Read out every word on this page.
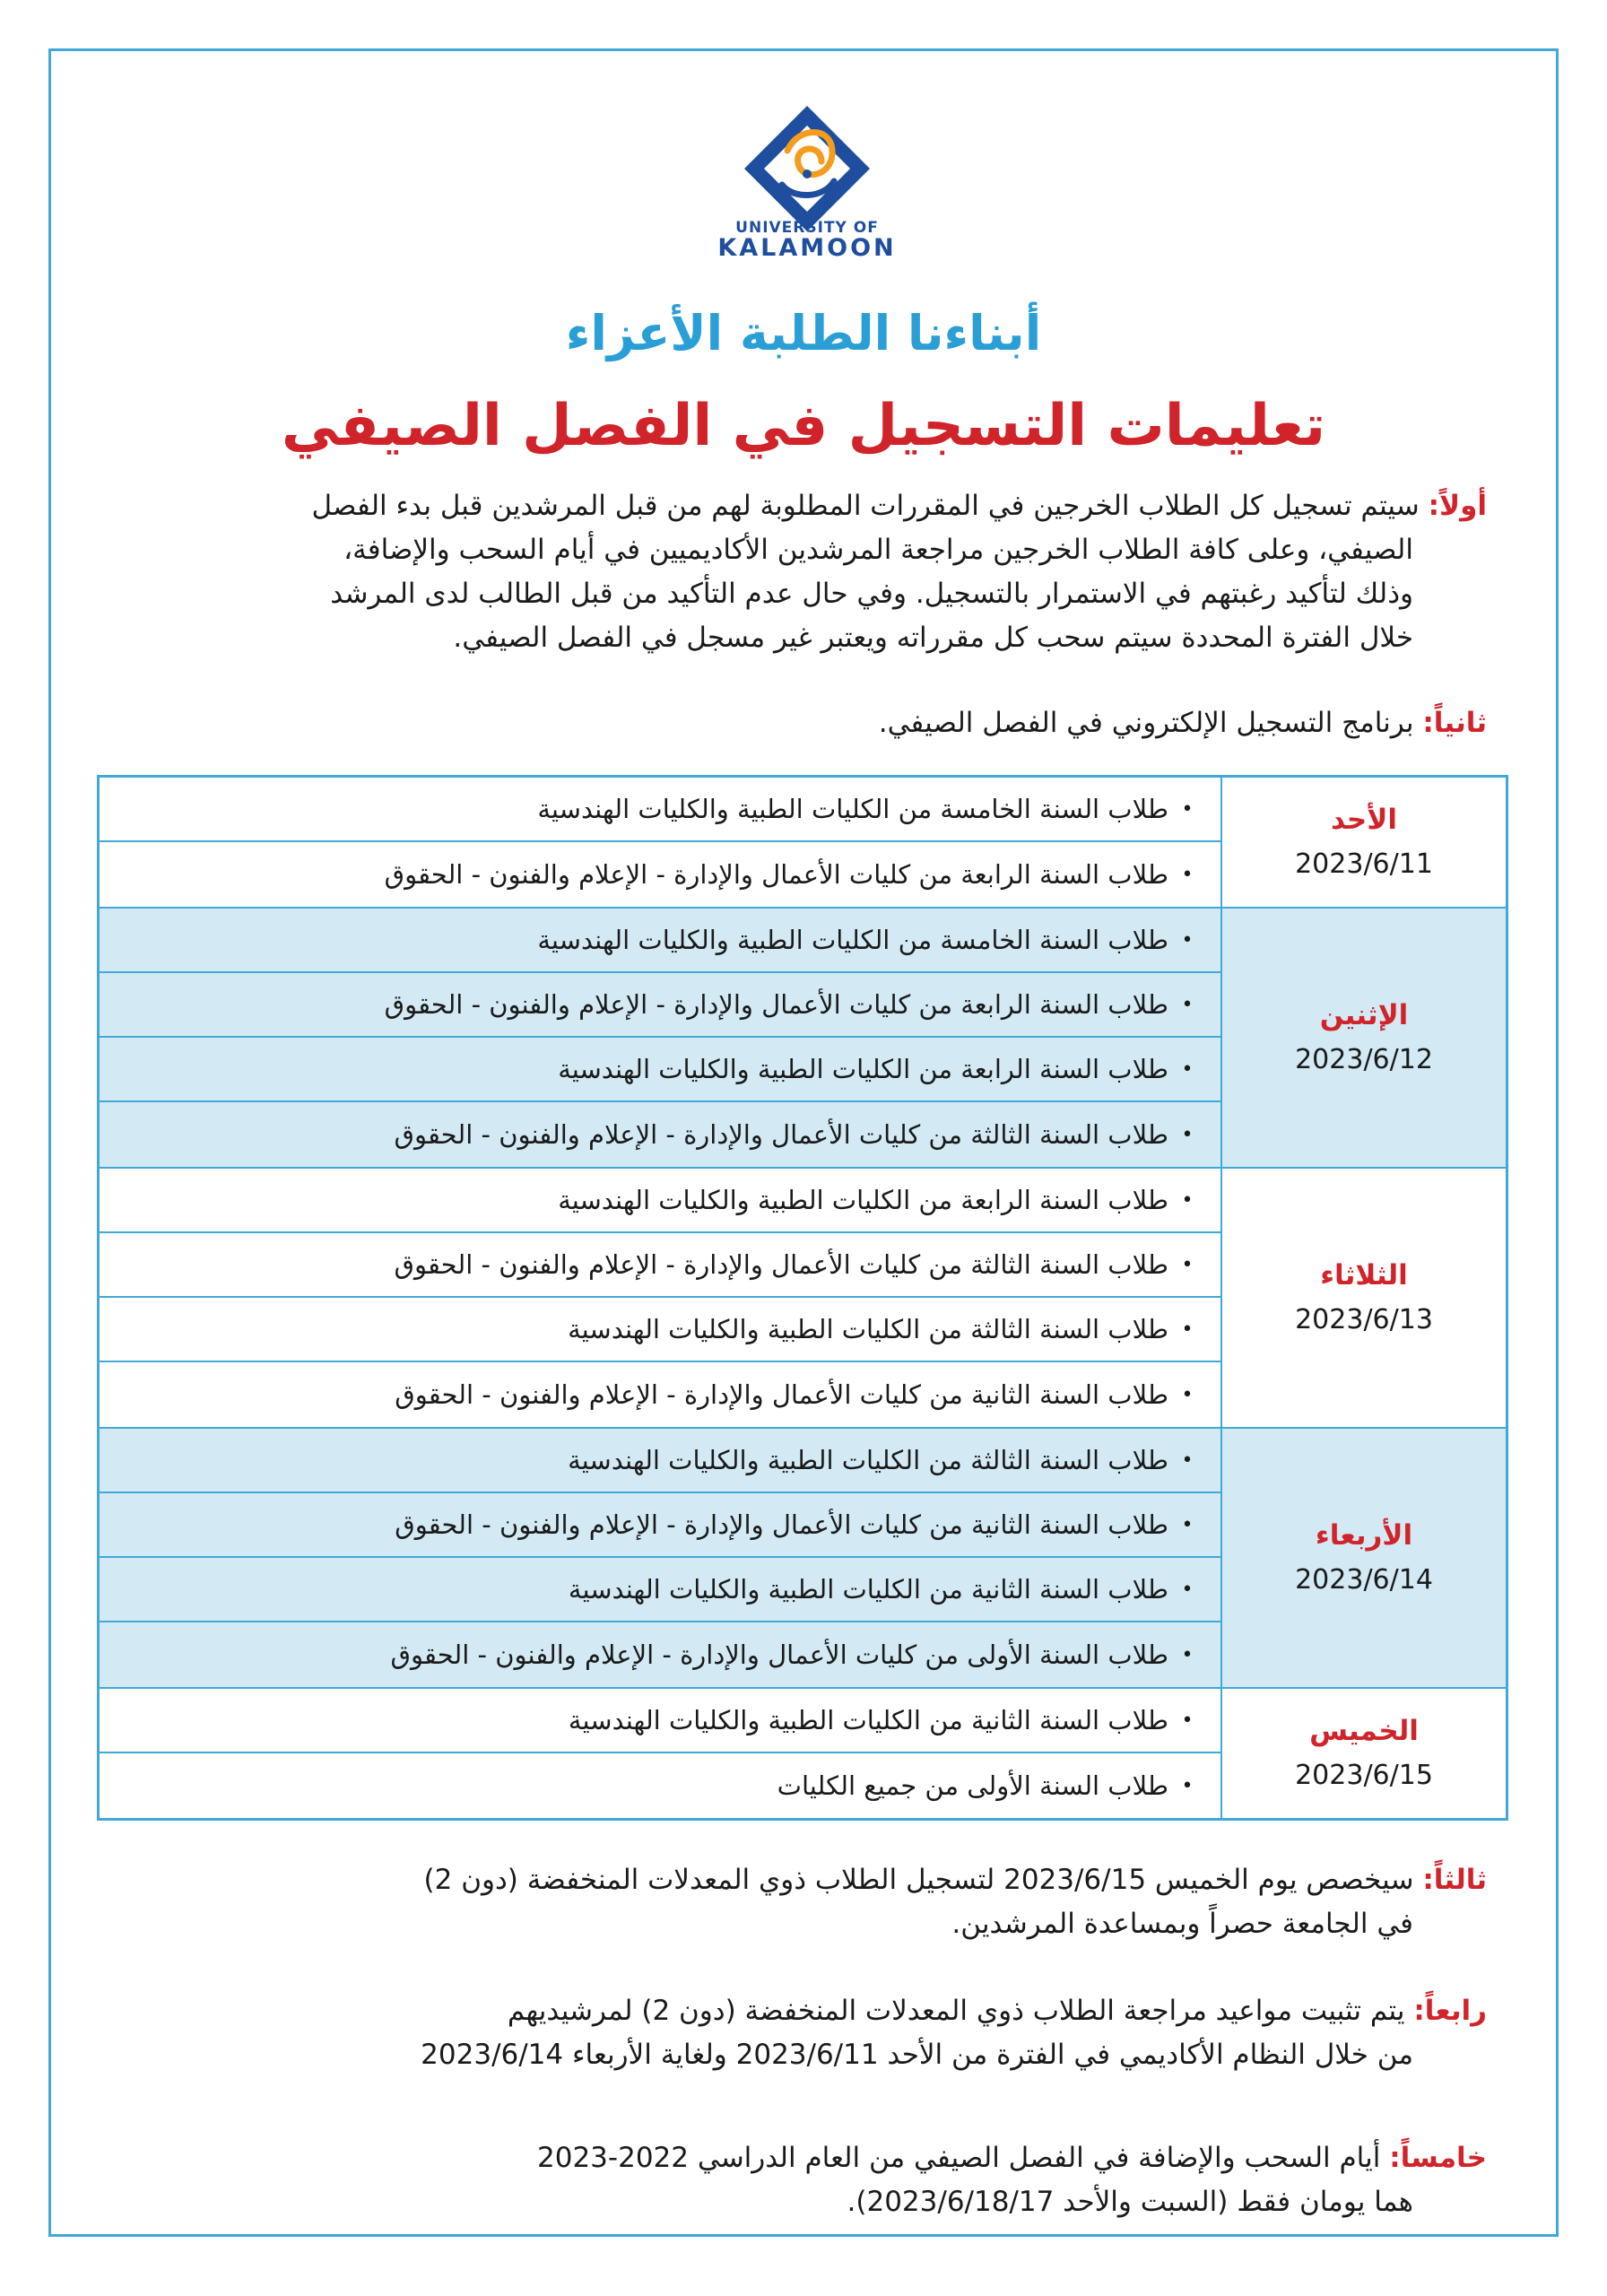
UNIVERSITY OF
KALAMOON
أبناءنا الطلبة الأعزاء
تعليمات التسجيل في الفصل الصيفي
أولاً: سيتم تسجيل كل الطلاب الخرجين في المقررات المطلوبة لهم من قبل المرشدين قبل بدء الفصل
الصيفي، وعلى كافة الطلاب الخرجين مراجعة المرشدين الأكاديميين في أيام السحب والإضافة،
وذلك لتأكيد رغبتهم في الاستمرار بالتسجيل. وفي حال عدم التأكيد من قبل الطالب لدى المرشد
خلال الفترة المحددة سيتم سحب كل مقرراته ويعتبر غير مسجل في الفصل الصيفي.
ثانياً: برنامج التسجيل الإلكتروني في الفصل الصيفي.
الأحد
2023/6/11
•
طلاب السنة الخامسة من الكليات الطبية والكليات الهندسية
•
طلاب السنة الرابعة من كليات الأعمال والإدارة - الإعلام والفنون - الحقوق
الإثنين
2023/6/12
•
طلاب السنة الخامسة من الكليات الطبية والكليات الهندسية
•
طلاب السنة الرابعة من كليات الأعمال والإدارة - الإعلام والفنون - الحقوق
•
طلاب السنة الرابعة من الكليات الطبية والكليات الهندسية
•
طلاب السنة الثالثة من كليات الأعمال والإدارة - الإعلام والفنون - الحقوق
الثلاثاء
2023/6/13
•
طلاب السنة الرابعة من الكليات الطبية والكليات الهندسية
•
طلاب السنة الثالثة من كليات الأعمال والإدارة - الإعلام والفنون - الحقوق
•
طلاب السنة الثالثة من الكليات الطبية والكليات الهندسية
•
طلاب السنة الثانية من كليات الأعمال والإدارة - الإعلام والفنون - الحقوق
الأربعاء
2023/6/14
•
طلاب السنة الثالثة من الكليات الطبية والكليات الهندسية
•
طلاب السنة الثانية من كليات الأعمال والإدارة - الإعلام والفنون - الحقوق
•
طلاب السنة الثانية من الكليات الطبية والكليات الهندسية
•
طلاب السنة الأولى من كليات الأعمال والإدارة - الإعلام والفنون - الحقوق
الخميس
2023/6/15
•
طلاب السنة الثانية من الكليات الطبية والكليات الهندسية
•
طلاب السنة الأولى من جميع الكليات
ثالثاً: سيخصص يوم الخميس 2023/6/15 لتسجيل الطلاب ذوي المعدلات المنخفضة (دون 2)
في الجامعة حصراً وبمساعدة المرشدين.
رابعاً: يتم تثبيت مواعيد مراجعة الطلاب ذوي المعدلات المنخفضة (دون 2) لمرشيديهم
من خلال النظام الأكاديمي في الفترة من الأحد 2023/6/11 ولغاية الأربعاء 2023/6/14
خامساً: أيام السحب والإضافة في الفصل الصيفي من العام الدراسي 2022-2023
هما يومان فقط (السبت والأحد 2023/6/18/17).
